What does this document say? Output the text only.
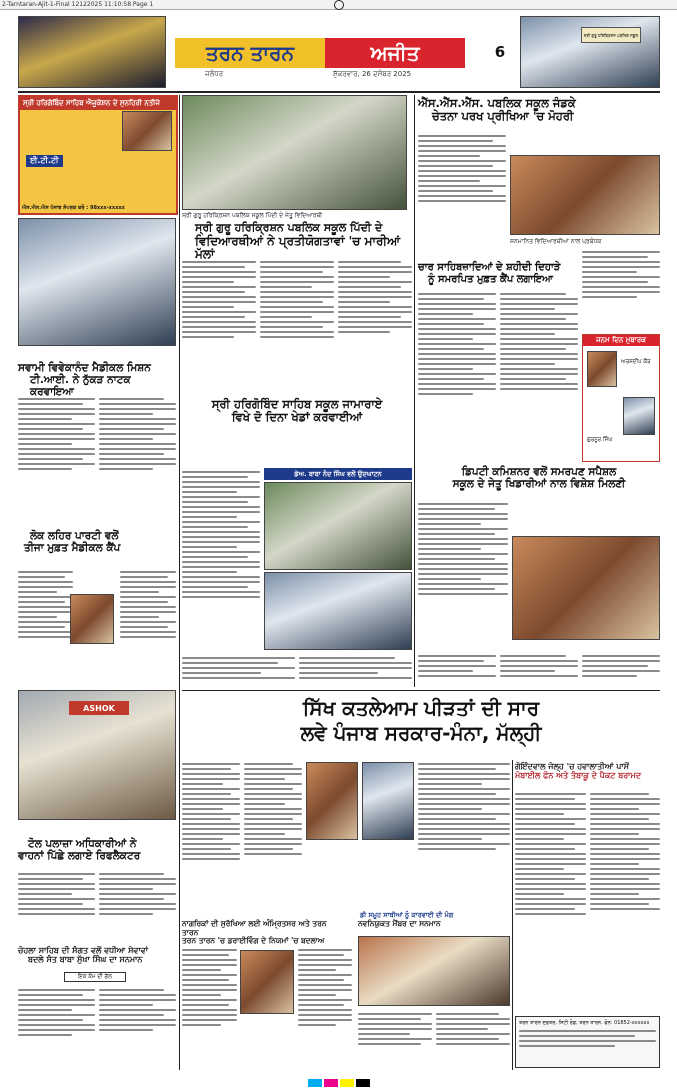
2-Tarntaran-Ajit-1-Final 12122025 11:10:58 Page 1
ਤਰਨ ਤਾਰਨ	ਅਜੀਤ
ਜਲੰਧਰ	ਸ਼ੁੱਕਰਵਾਰ, 26 ਦਸੰਬਰ 2025
6
ਸ੍ਰੀ ਗੁਰੂ ਹਰਿਕ੍ਰਿਸ਼ਨ ਪਬਲਿਕ ਸਕੂਲ
ਸ੍ਰੀ ਹਰਿਗੋਬਿੰਦ ਸਾਹਿਬ ਐਜੂਕੇਸ਼ਨ ਦੇ ਸੁਨਹਿਰੀ ਨਤੀਜੇ
ਈ.ਟੀ.ਟੀ
ਐਸ.ਐਸ.ਐਸ ਪੰਜਾਬ ਸੰਪਰਕ ਕਰੋ : 98xxx-xxxxx
ਸ੍ਰੀ ਗੁਰੂ ਹਰਿਕ੍ਰਿਸ਼ਨ ਪਬਲਿਕ ਸਕੂਲ ਪਿੱਦੀ ਦੇ ਜੇਤੂ ਵਿਦਿਆਰਥੀ
ਸ੍ਰੀ ਗੁਰੂ ਹਰਿਕ੍ਰਿਸ਼ਨ ਪਬਲਿਕ ਸਕੂਲ ਪਿੱਦੀ ਦੇ
ਵਿਦਿਆਰਥੀਆਂ ਨੇ ਪ੍ਰਤੀਯੋਗਤਾਵਾਂ 'ਚ ਮਾਰੀਆਂ ਮੱਲਾਂ
ਐੱਸ.ਐੱਸ.ਐੱਸ. ਪਬਲਿਕ ਸਕੂਲ ਜੰਡਕੇ
ਚੇਤਨਾ ਪਰਖ ਪ੍ਰੀਖਿਆ 'ਚ ਮੋਹਰੀ
ਸਨਮਾਨਿਤ ਵਿਦਿਆਰਥੀਆਂ ਨਾਲ ਪ੍ਰਬੰਧਕ
ਸਵਾਮੀ ਵਿਵੇਕਾਨੰਦ ਮੈਡੀਕਲ ਮਿਸ਼ਨ
ਟੀ.ਆਈ. ਨੇ ਨੁੱਕੜ ਨਾਟਕ ਕਰਵਾਇਆ
ਚਾਰ ਸਾਹਿਬਜ਼ਾਦਿਆਂ ਦੇ ਸ਼ਹੀਦੀ ਦਿਹਾੜੇ
ਨੂੰ ਸਮਰਪਿਤ ਮੁਫ਼ਤ ਕੈਂਪ ਲਗਾਇਆ
ਜਨਮ ਦਿਨ ਮੁਬਾਰਕ
ਅਰਸ਼ਦੀਪ ਕੌਰ
ਗੁਰਨੂਰ ਸਿੰਘ
ਸ੍ਰੀ ਹਰਿਗੋਬਿੰਦ ਸਾਹਿਬ ਸਕੂਲ ਜਾਮਾਰਾਏ
ਵਿਖੇ ਦੋ ਦਿਨਾ ਖੇਡਾਂ ਕਰਵਾਈਆਂ
ਡੇਅ. ਬਾਬਾ ਨੰਦ ਸਿੰਘ ਵਲੋਂ ਉਦਘਾਟਨ	ਡਿਪਟੀ ਕਮਿਸ਼ਨਰ ਵਲੋਂ ਸਮਰਪਣ ਸਪੈਸ਼ਲ
ਸਕੂਲ ਦੇ ਜੇਤੂ ਖਿਡਾਰੀਆਂ ਨਾਲ ਵਿਸ਼ੇਸ਼ ਮਿਲਣੀ
ਲੋਕ ਲਹਿਰ ਪਾਰਟੀ ਵਲੋਂ
ਤੀਜਾ ਮੁਫ਼ਤ ਮੈਡੀਕਲ ਕੈਂਪ
ਸਿੱਖ ਕਤਲੇਆਮ ਪੀੜਤਾਂ ਦੀ ਸਾਰ
ਲਵੇ ਪੰਜਾਬ ਸਰਕਾਰ-ਮੰਨਾ, ਮੱਲ੍ਹੀ
ASHOK
ਟੋਲ ਪਲਾਜ਼ਾ ਅਧਿਕਾਰੀਆਂ ਨੇ
ਵਾਹਨਾਂ ਪਿੱਛੇ ਲਗਾਏ ਰਿਫਲੈਕਟਰ
ਗੋਇੰਦਵਾਲ ਜੇਲ੍ਹ 'ਚ ਹਵਾਲਾਤੀਆਂ ਪਾਸੋਂ
ਮੋਬਾਈਲ ਫੋਨ ਅਤੇ ਤੰਬਾਕੂ ਦੇ ਪੈਕਟ ਬਰਾਮਦ
ਨਾਗਰਿਕਾਂ ਦੀ ਸੁਰੱਖਿਆ ਲਈ ਅੰਮ੍ਰਿਤਸਰ ਅਤੇ ਤਰਨ ਤਾਰਨ
ਤਰਨ ਤਾਰਨ 'ਚ ਡਰਾਈਵਿੰਗ ਦੇ ਨਿਯਮਾਂ 'ਚ ਬਦਲਾਅ
ਨਵਨਿਯੁਕਤ ਮੈਂਬਰ ਦਾ ਸਨਮਾਨ
ਚੋਹਲਾ ਸਾਹਿਬ ਦੀ ਸੰਗਤ ਵਲੋਂ ਵਧੀਆ ਸੇਵਾਵਾਂ
ਬਦਲੇ ਸੰਤ ਬਾਬਾ ਸੁੱਖਾ ਸਿੰਘ ਦਾ ਸਨਮਾਨ
ਇਕ ਕੰਮ ਦੀ ਗੱਲ
ਡੀ ਸਮੂਹ ਸਾਥੀਆਂ ਨੂੰ ਕਾਰਵਾਈ ਦੀ ਮੰਗ
ਤਰਨ ਤਾਰਨ ਦਫ਼ਤਰ, ਸਿਟੀ ਰੋਡ, ਤਰਨ ਤਾਰਨ. ਫੋਨ: 01852-xxxxxx
